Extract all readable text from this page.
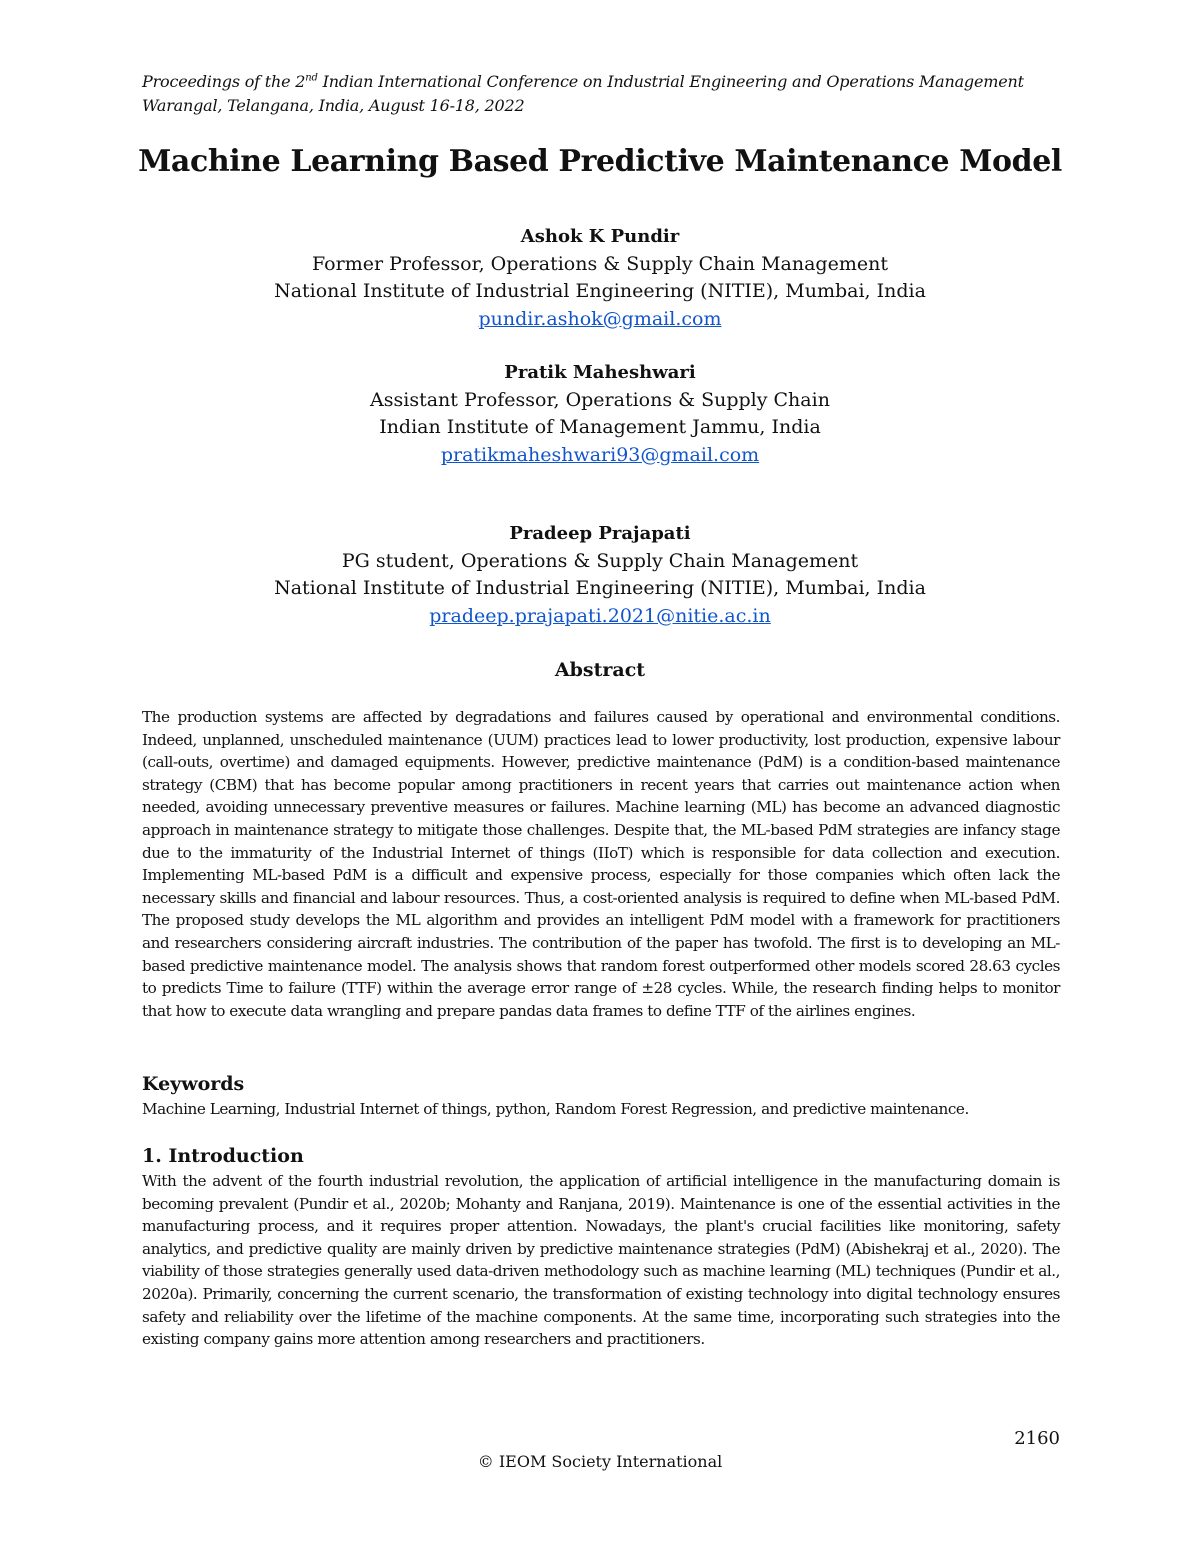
Proceedings of the 2nd Indian International Conference on Industrial Engineering and Operations Management
Warangal, Telangana, India, August 16-18, 2022
Machine Learning Based Predictive Maintenance Model
Ashok K Pundir
Former Professor, Operations & Supply Chain Management
National Institute of Industrial Engineering (NITIE), Mumbai, India
pundir.ashok@gmail.com
Pratik Maheshwari
Assistant Professor, Operations & Supply Chain
Indian Institute of Management Jammu, India
pratikmaheshwari93@gmail.com
Pradeep Prajapati
PG student, Operations & Supply Chain Management
National Institute of Industrial Engineering (NITIE), Mumbai, India
pradeep.prajapati.2021@nitie.ac.in
Abstract

The production systems are affected by degradations and failures caused by operational and environmental conditions. Indeed, unplanned, unscheduled maintenance (UUM) practices lead to lower productivity, lost production, expensive labour (call-outs, overtime) and damaged equipments. However, predictive maintenance (PdM) is a condition-based maintenance strategy (CBM) that has become popular among practitioners in recent years that carries out maintenance action when needed, avoiding unnecessary preventive measures or failures. Machine learning (ML) has become an advanced diagnostic approach in maintenance strategy to mitigate those challenges. Despite that, the ML-based PdM strategies are infancy stage due to the immaturity of the Industrial Internet of things (IIoT) which is responsible for data collection and execution. Implementing ML-based PdM is a difficult and expensive process, especially for those companies which often lack the necessary skills and financial and labour resources. Thus, a cost-oriented analysis is required to define when ML-based PdM. The proposed study develops the ML algorithm and provides an intelligent PdM model with a framework for practitioners and researchers considering aircraft industries. The contribution of the paper has twofold. The first is to developing an ML-based predictive maintenance model. The analysis shows that random forest outperformed other models scored 28.63 cycles to predicts Time to failure (TTF) within the average error range of ±28 cycles. While, the research finding helps to monitor that how to execute data wrangling and prepare pandas data frames to define TTF of the airlines engines.

Keywords

Machine Learning, Industrial Internet of things, python, Random Forest Regression, and predictive maintenance.

1. Introduction

With the advent of the fourth industrial revolution, the application of artificial intelligence in the manufacturing domain is becoming prevalent (Pundir et al., 2020b; Mohanty and Ranjana, 2019). Maintenance is one of the essential activities in the manufacturing process, and it requires proper attention. Nowadays, the plant's crucial facilities like monitoring, safety analytics, and predictive quality are mainly driven by predictive maintenance strategies (PdM) (Abishekraj et al., 2020). The viability of those strategies generally used data-driven methodology such as machine learning (ML) techniques (Pundir et al., 2020a). Primarily, concerning the current scenario, the transformation of existing technology into digital technology ensures safety and reliability over the lifetime of the machine components. At the same time, incorporating such strategies into the existing company gains more attention among researchers and practitioners.

2160
© IEOM Society International
